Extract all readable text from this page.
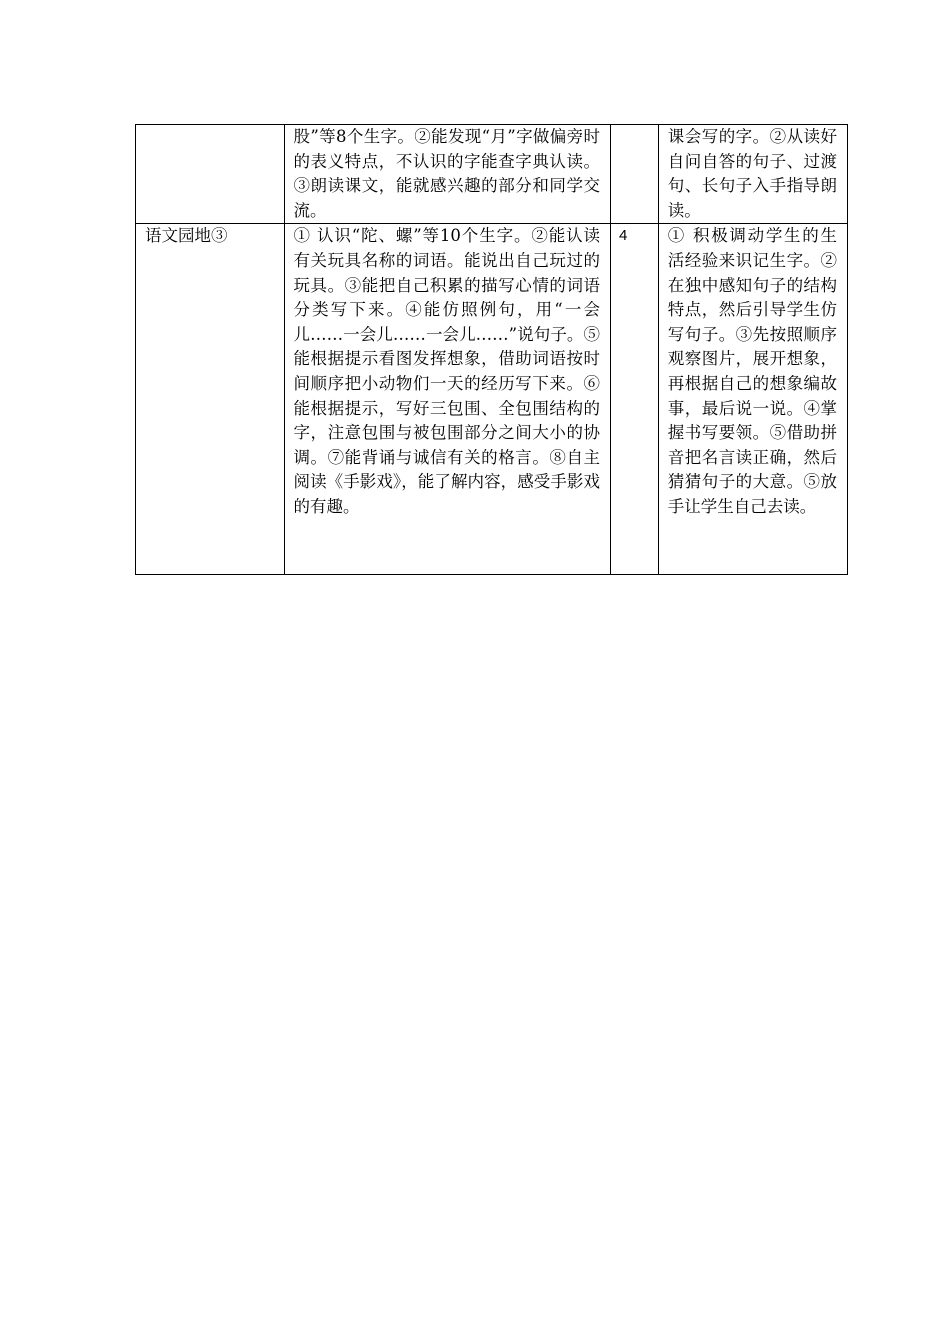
	股”等8个生字。②能发现“月”字做偏旁时的表义特点，不认识的字能查字典认读。③朗读课文，能就感兴趣的部分和同学交流。		课会写的字。②从读好自问自答的句子、过渡句、长句子入手指导朗读。

语文园地③	① 认识“陀、螺”等10个生字。②能认读有关玩具名称的词语。能说出自己玩过的玩具。③能把自己积累的描写心情的词语分类写下来。④能仿照例句，用“一会儿……一会儿……一会儿……”说句子。⑤能根据提示看图发挥想象，借助词语按时间顺序把小动物们一天的经历写下来。⑥能根据提示，写好三包围、全包围结构的字，注意包围与被包围部分之间大小的协调。⑦能背诵与诚信有关的格言。⑧自主阅读《手影戏》，能了解内容，感受手影戏的有趣。	4	① 积极调动学生的生活经验来识记生字。②在独中感知句子的结构特点，然后引导学生仿写句子。③先按照顺序观察图片，展开想象，再根据自己的想象编故事，最后说一说。④掌握书写要领。⑤借助拼音把名言读正确，然后猜猜句子的大意。⑤放手让学生自己去读。
